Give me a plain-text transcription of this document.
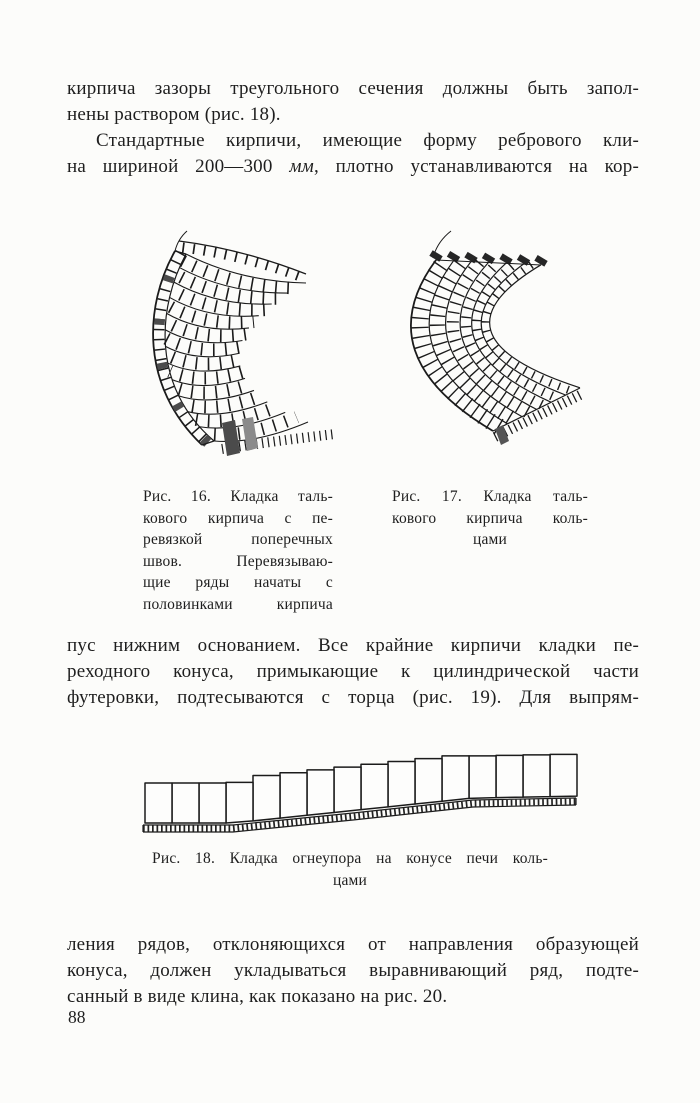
кирпича зазоры треугольного сечения должны быть запол-
нены раствором (рис. 18).
Стандартные кирпичи, имеющие форму ребрового кли-
на шириной 200—300 мм, плотно устанавливаются на кор-
Рис. 16. Кладка таль-
кового кирпича с пе-
ревязкой поперечных
швов. Перевязываю-
щие ряды начаты с
половинками кирпича
Рис. 17. Кладка таль-
кового кирпича коль-
цами
пус нижним основанием. Все крайние кирпичи кладки пе-
реходного конуса, примыкающие к цилиндрической части
футеровки, подтесываются с торца (рис. 19). Для выпрям-
Рис. 18. Кладка огнеупора на конусе печи коль-
цами
ления рядов, отклоняющихся от направления образующей
конуса, должен укладываться выравнивающий ряд, подте-
санный в виде клина, как показано на рис. 20.
88
